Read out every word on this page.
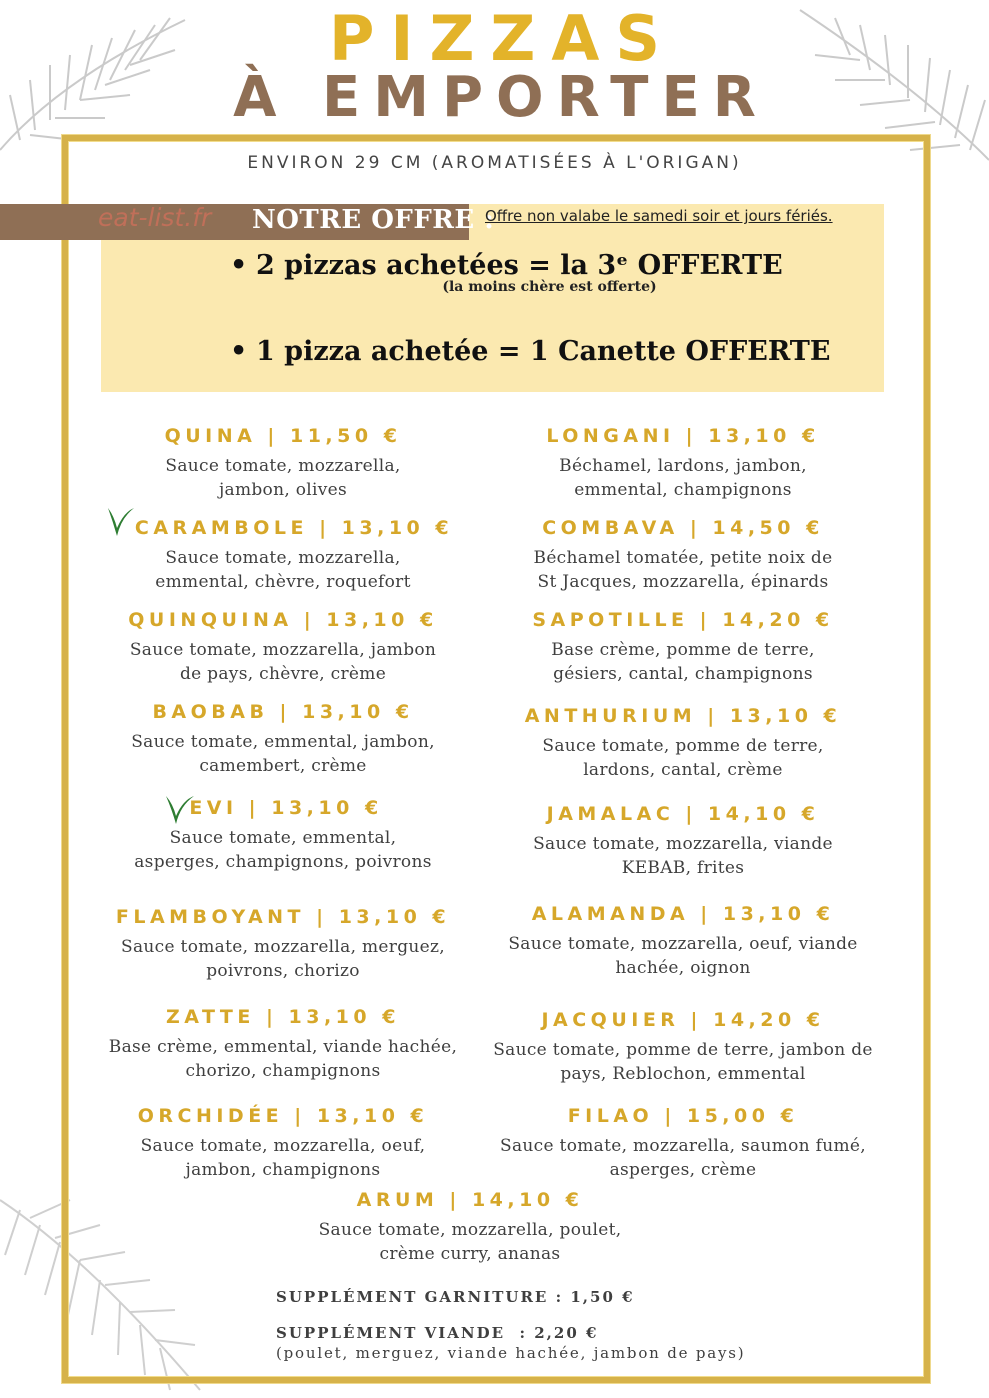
PIZZAS
À EMPORTER
ENVIRON 29 CM (AROMATISÉES À L'ORIGAN)
eat-list.fr NOTRE OFFRE :
Offre non valabe le samedi soir et jours fériés.
• 2 pizzas achetées = la 3ᵉ OFFERTE
(la moins chère est offerte)
• 1 pizza achetée = 1 Canette OFFERTE
QUINA | 11,50 €
Sauce tomate, mozzarella,
jambon, olives
CARAMBOLE | 13,10 €
Sauce tomate, mozzarella,
emmental, chèvre, roquefort
QUINQUINA | 13,10 €
Sauce tomate, mozzarella, jambon
de pays, chèvre, crème
BAOBAB | 13,10 €
Sauce tomate, emmental, jambon,
camembert, crème
EVI | 13,10 €
Sauce tomate, emmental,
asperges, champignons, poivrons
FLAMBOYANT | 13,10 €
Sauce tomate, mozzarella, merguez,
poivrons, chorizo
ZATTE | 13,10 €
Base crème, emmental, viande hachée,
chorizo, champignons
ORCHIDÉE | 13,10 €
Sauce tomate, mozzarella, oeuf,
jambon, champignons
LONGANI | 13,10 €
Béchamel, lardons, jambon,
emmental, champignons
COMBAVA | 14,50 €
Béchamel tomatée, petite noix de
St Jacques, mozzarella, épinards
SAPOTILLE | 14,20 €
Base crème, pomme de terre,
gésiers, cantal, champignons
ANTHURIUM | 13,10 €
Sauce tomate, pomme de terre,
lardons, cantal, crème
JAMALAC | 14,10 €
Sauce tomate, mozzarella, viande
KEBAB, frites
ALAMANDA | 13,10 €
Sauce tomate, mozzarella, oeuf, viande
hachée, oignon
JACQUIER | 14,20 €
Sauce tomate, pomme de terre, jambon de
pays, Reblochon, emmental
FILAO | 15,00 €
Sauce tomate, mozzarella, saumon fumé,
asperges, crème
ARUM | 14,10 €
Sauce tomate, mozzarella, poulet,
crème curry, ananas
SUPPLÉMENT GARNITURE : 1,50 €
SUPPLÉMENT VIANDE  : 2,20 €
(poulet, merguez, viande hachée, jambon de pays)
